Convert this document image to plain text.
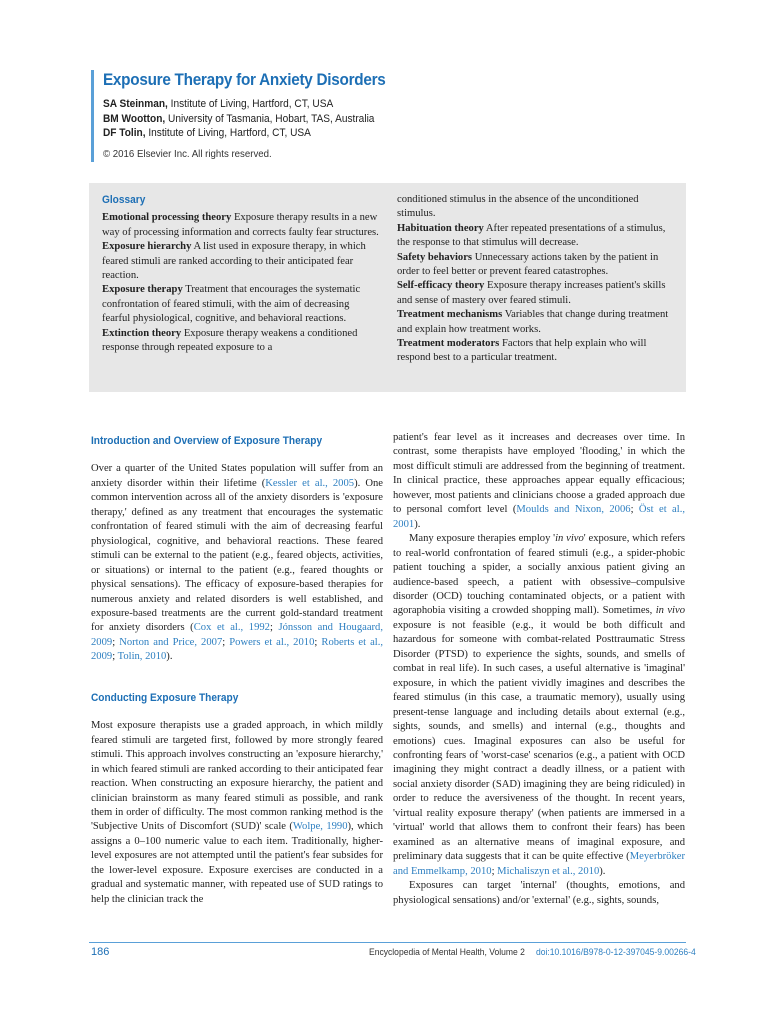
Exposure Therapy for Anxiety Disorders
SA Steinman, Institute of Living, Hartford, CT, USA
BM Wootton, University of Tasmania, Hobart, TAS, Australia
DF Tolin, Institute of Living, Hartford, CT, USA
© 2016 Elsevier Inc. All rights reserved.
Glossary

Emotional processing theory Exposure therapy results in a new way of processing information and corrects faulty fear structures.

Exposure hierarchy A list used in exposure therapy, in which feared stimuli are ranked according to their anticipated fear reaction.

Exposure therapy Treatment that encourages the systematic confrontation of feared stimuli, with the aim of decreasing fearful physiological, cognitive, and behavioral reactions.

Extinction theory Exposure therapy weakens a conditioned response through repeated exposure to a

conditioned stimulus in the absence of the unconditioned stimulus.

Habituation theory After repeated presentations of a stimulus, the response to that stimulus will decrease.

Safety behaviors Unnecessary actions taken by the patient in order to feel better or prevent feared catastrophes.

Self-efficacy theory Exposure therapy increases patient's skills and sense of mastery over feared stimuli.

Treatment mechanisms Variables that change during treatment and explain how treatment works.

Treatment moderators Factors that help explain who will respond best to a particular treatment.

Introduction and Overview of Exposure Therapy

Over a quarter of the United States population will suffer from an anxiety disorder within their lifetime (Kessler et al., 2005). One common intervention across all of the anxiety disorders is 'exposure therapy,' defined as any treatment that encourages the systematic confrontation of feared stimuli with the aim of decreasing fearful physiological, cognitive, and behavioral reactions. These feared stimuli can be external to the patient (e.g., feared objects, activities, or situations) or internal to the patient (e.g., feared thoughts or physical sensations). The efficacy of exposure-based therapies for numerous anxiety and related disorders is well established, and exposure-based treatments are the current gold-standard treatment for anxiety disorders (Cox et al., 1992; Jónsson and Hougaard, 2009; Norton and Price, 2007; Powers et al., 2010; Roberts et al., 2009; Tolin, 2010).

Conducting Exposure Therapy

Most exposure therapists use a graded approach, in which mildly feared stimuli are targeted first, followed by more strongly feared stimuli. This approach involves constructing an 'exposure hierarchy,' in which feared stimuli are ranked according to their anticipated fear reaction. When constructing an exposure hierarchy, the patient and clinician brainstorm as many feared stimuli as possible, and rank them in order of difficulty. The most common ranking method is the 'Subjective Units of Discomfort (SUD)' scale (Wolpe, 1990), which assigns a 0–100 numeric value to each item. Traditionally, higher-level exposures are not attempted until the patient's fear subsides for the lower-level exposure. Exposure exercises are conducted in a gradual and systematic manner, with repeated use of SUD ratings to help the clinician track the

patient's fear level as it increases and decreases over time. In contrast, some therapists have employed 'flooding,' in which the most difficult stimuli are addressed from the beginning of treatment. In clinical practice, these approaches appear equally efficacious; however, most patients and clinicians choose a graded approach due to personal comfort level (Moulds and Nixon, 2006; Öst et al., 2001).

Many exposure therapies employ 'in vivo' exposure, which refers to real-world confrontation of feared stimuli (e.g., a spider-phobic patient touching a spider, a socially anxious patient giving an audience-based speech, a patient with obsessive–compulsive disorder (OCD) touching contaminated objects, or a patient with agoraphobia visiting a crowded shopping mall). Sometimes, in vivo exposure is not feasible (e.g., it would be both difficult and hazardous for someone with combat-related Posttraumatic Stress Disorder (PTSD) to experience the sights, sounds, and smells of combat in real life). In such cases, a useful alternative is 'imaginal' exposure, in which the patient vividly imagines and describes the feared stimulus (in this case, a traumatic memory), usually using present-tense language and including details about external (e.g., sights, sounds, and smells) and internal (e.g., thoughts and emotions) cues. Imaginal exposures can also be useful for confronting fears of 'worst-case' scenarios (e.g., a patient with OCD imagining they might contract a deadly illness, or a patient with social anxiety disorder (SAD) imagining they are being ridiculed) in order to reduce the aversiveness of the thought. In recent years, 'virtual reality exposure therapy' (when patients are immersed in a 'virtual' world that allows them to confront their fears) has been examined as an alternative means of imaginal exposure, and preliminary data suggests that it can be quite effective (Meyerbröker and Emmelkamp, 2010; Michaliszyn et al., 2010).

Exposures can target 'internal' (thoughts, emotions, and physiological sensations) and/or 'external' (e.g., sights, sounds,

186	Encyclopedia of Mental Health, Volume 2 doi:10.1016/B978-0-12-397045-9.00266-4
